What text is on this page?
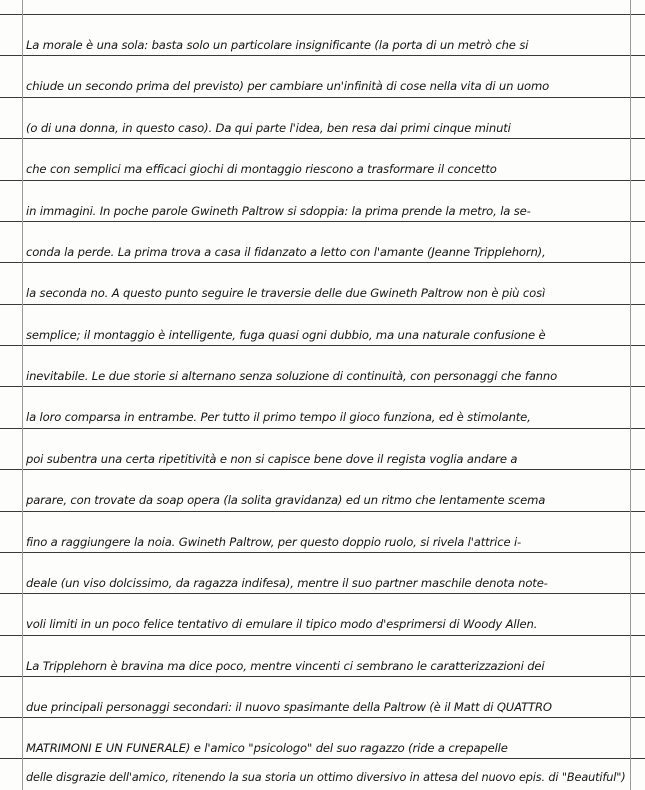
La morale è una sola: basta solo un particolare insignificante (la porta di un metrò che si
chiude un secondo prima del previsto) per cambiare un'infinità di cose nella vita di un uomo
(o di una donna, in questo caso). Da qui parte l'idea, ben resa dai primi cinque minuti
che con semplici ma efficaci giochi di montaggio riescono a trasformare il concetto
in immagini. In poche parole Gwineth Paltrow si sdoppia: la prima prende la metro, la se-
conda la perde. La prima trova a casa il fidanzato a letto con l'amante (Jeanne Tripplehorn),
la seconda no. A questo punto seguire le traversie delle due Gwineth Paltrow non è più così
semplice; il montaggio è intelligente, fuga quasi ogni dubbio, ma una naturale confusione è
inevitabile. Le due storie si alternano senza soluzione di continuità, con personaggi che fanno
la loro comparsa in entrambe. Per tutto il primo tempo il gioco funziona, ed è stimolante,
poi subentra una certa ripetitività e non si capisce bene dove il regista voglia andare a
parare, con trovate da soap opera (la solita gravidanza) ed un ritmo che lentamente scema
fino a raggiungere la noia. Gwineth Paltrow, per questo doppio ruolo, si rivela l'attrice i-
deale (un viso dolcissimo, da ragazza indifesa), mentre il suo partner maschile denota note-
voli limiti in un poco felice tentativo di emulare il tipico modo d'esprimersi di Woody Allen.
La Tripplehorn è bravina ma dice poco, mentre vincenti ci sembrano le caratterizzazioni dei
due principali personaggi secondari: il nuovo spasimante della Paltrow (è il Matt di QUATTRO
MATRIMONI E UN FUNERALE) e l'amico "psicologo" del suo ragazzo (ride a crepapelle
delle disgrazie dell'amico, ritenendo la sua storia un ottimo diversivo in attesa del nuovo epis. di "Beautiful")
